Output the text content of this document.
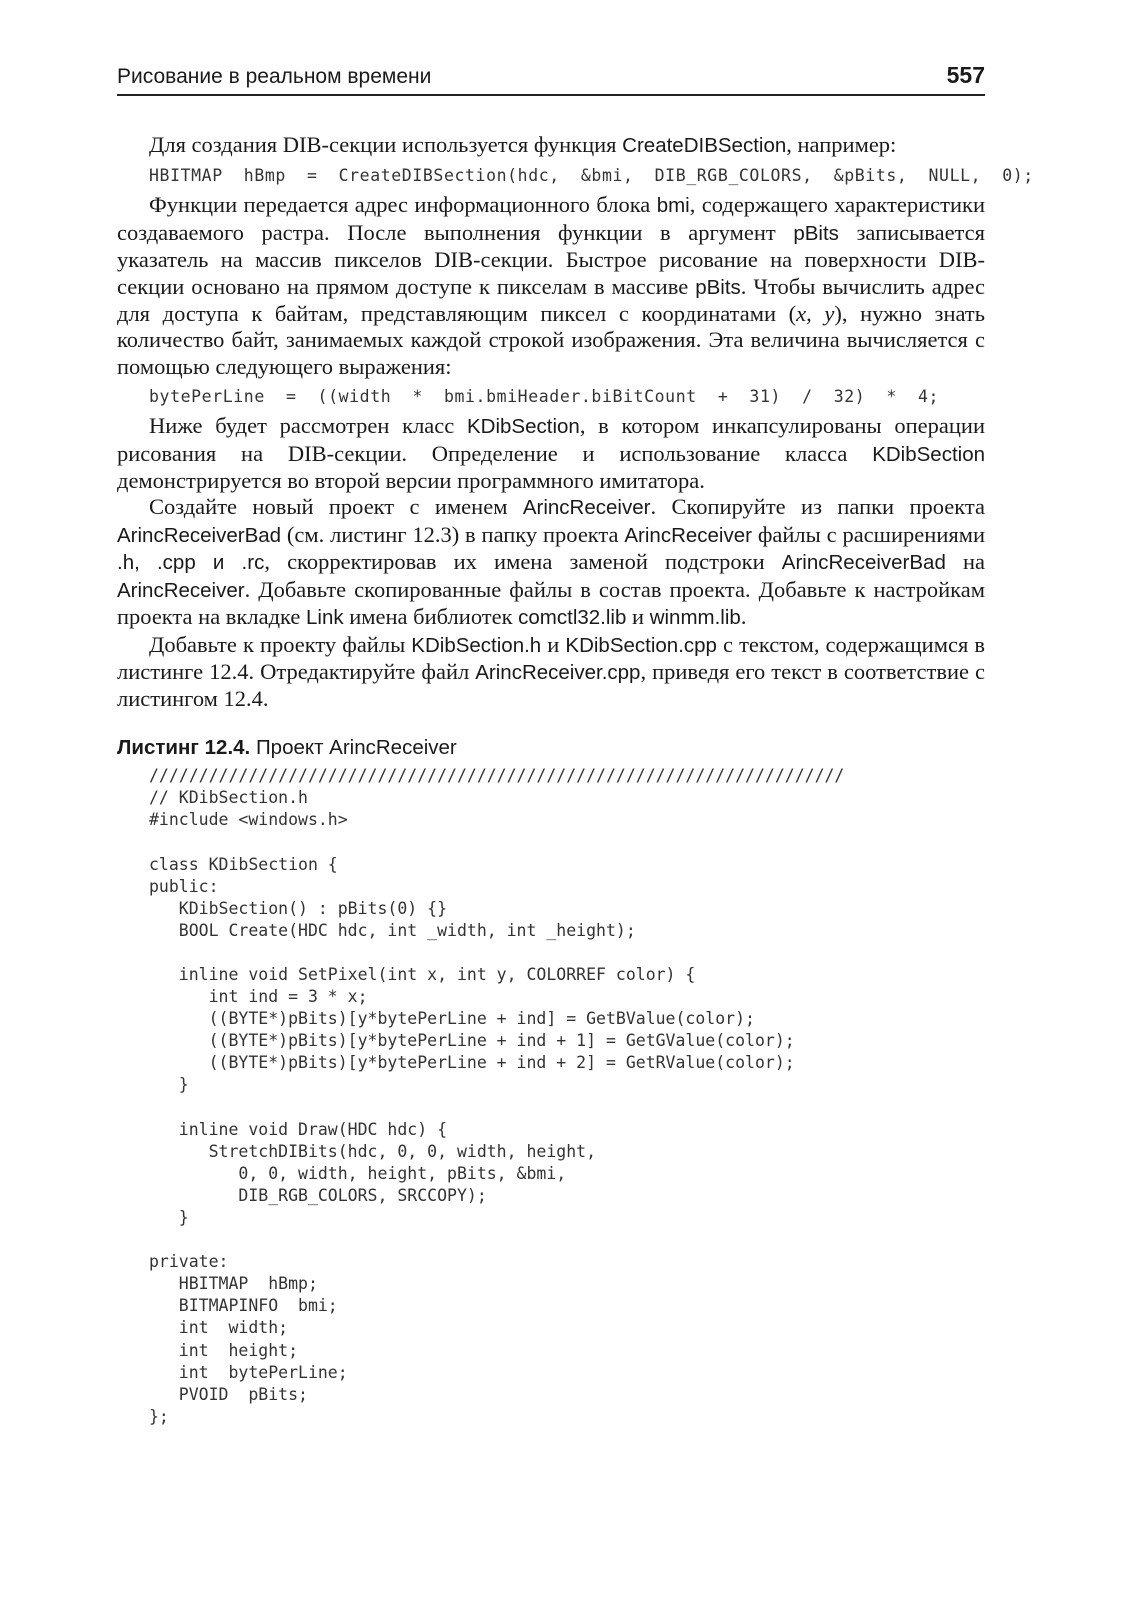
Рисование в реальном времени	557

Для создания DIB-секции используется функция CreateDIBSection, например:

HBITMAP  hBmp  =  CreateDIBSection(hdc,  &bmi,  DIB_RGB_COLORS,  &pBits,  NULL,  0);

Функции передается адрес информационного блока bmi, содержащего характеристики создаваемого растра. После выполнения функции в аргумент pBits записывается указатель на массив пикселов DIB-секции. Быстрое рисование на поверхности DIB-секции основано на прямом доступе к пикселам в массиве pBits. Чтобы вычислить адрес для доступа к байтам, представляющим пиксел с координатами (x, y), нужно знать количество байт, занимаемых каждой строкой изображения. Эта величина вычисляется с помощью следующего выражения:

bytePerLine  =  ((width  *  bmi.bmiHeader.biBitCount  +  31)  /  32)  *  4;

Ниже будет рассмотрен класс KDibSection, в котором инкапсулированы операции рисования на DIB-секции. Определение и использование класса KDibSection демонстрируется во второй версии программного имитатора.

Создайте новый проект с именем ArincReceiver. Скопируйте из папки проекта ArincReceiverBad (см. листинг 12.3) в папку проекта ArincReceiver файлы с расширениями .h, .cpp и .rc, скорректировав их имена заменой подстроки ArincReceiverBad на ArincReceiver. Добавьте скопированные файлы в состав проекта. Добавьте к настройкам проекта на вкладке Link имена библиотек comctl32.lib и winmm.lib.

Добавьте к проекту файлы KDibSection.h и KDibSection.cpp с текстом, содержащимся в листинге 12.4. Отредактируйте файл ArincReceiver.cpp, приведя его текст в соответствие с листингом 12.4.

Листинг 12.4. Проект ArincReceiver
//////////////////////////////////////////////////////////////////////
// KDibSection.h
#include <windows.h>
class KDibSection {
public:
KDibSection() : pBits(0) {}
BOOL Create(HDC hdc, int _width, int _height);
inline void SetPixel(int x, int y, COLORREF color) {
int ind = 3 * x;
((BYTE*)pBits)[y*bytePerLine + ind] = GetBValue(color);
((BYTE*)pBits)[y*bytePerLine + ind + 1] = GetGValue(color);
((BYTE*)pBits)[y*bytePerLine + ind + 2] = GetRValue(color);
}
inline void Draw(HDC hdc) {
StretchDIBits(hdc, 0, 0, width, height,
0, 0, width, height, pBits, &bmi,
DIB_RGB_COLORS, SRCCOPY);
}
private:
HBITMAP  hBmp;
BITMAPINFO  bmi;
int  width;
int  height;
int  bytePerLine;
PVOID  pBits;
};
